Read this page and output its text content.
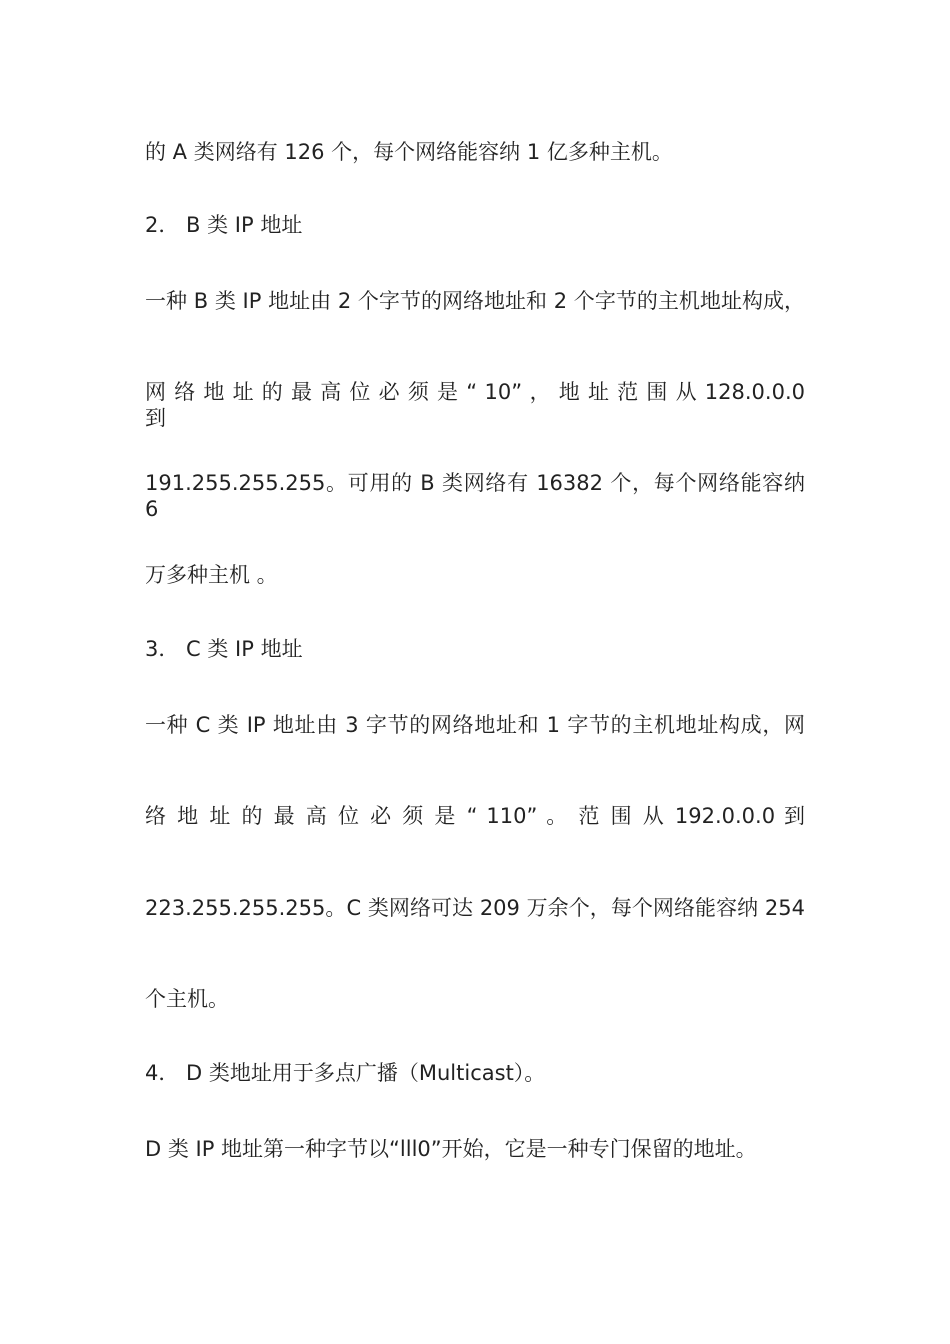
的 A 类网络有 126 个，每个网络能容纳 1 亿多种主机。
2． B 类 IP 地址
一种 B 类 IP 地址由 2 个字节的网络地址和 2 个字节的主机地址构成，
网 络 地 址 的 最 高 位 必 须 是 “ 10” ， 地 址 范 围 从 128.0.0.0 到
191.255.255.255。可用的 B 类网络有 16382 个，每个网络能容纳 6
万多种主机 。
3． C 类 IP 地址
一种 C 类 IP 地址由 3 字节的网络地址和 1 字节的主机地址构成，网
络 地 址 的 最 高 位 必 须 是 “ 110” 。 范 围 从 192.0.0.0 到
223.255.255.255。C 类网络可达 209 万余个，每个网络能容纳 254
个主机。
4． D 类地址用于多点广播（Multicast）。
D 类 IP 地址第一种字节以“lll0”开始，它是一种专门保留的地址。
